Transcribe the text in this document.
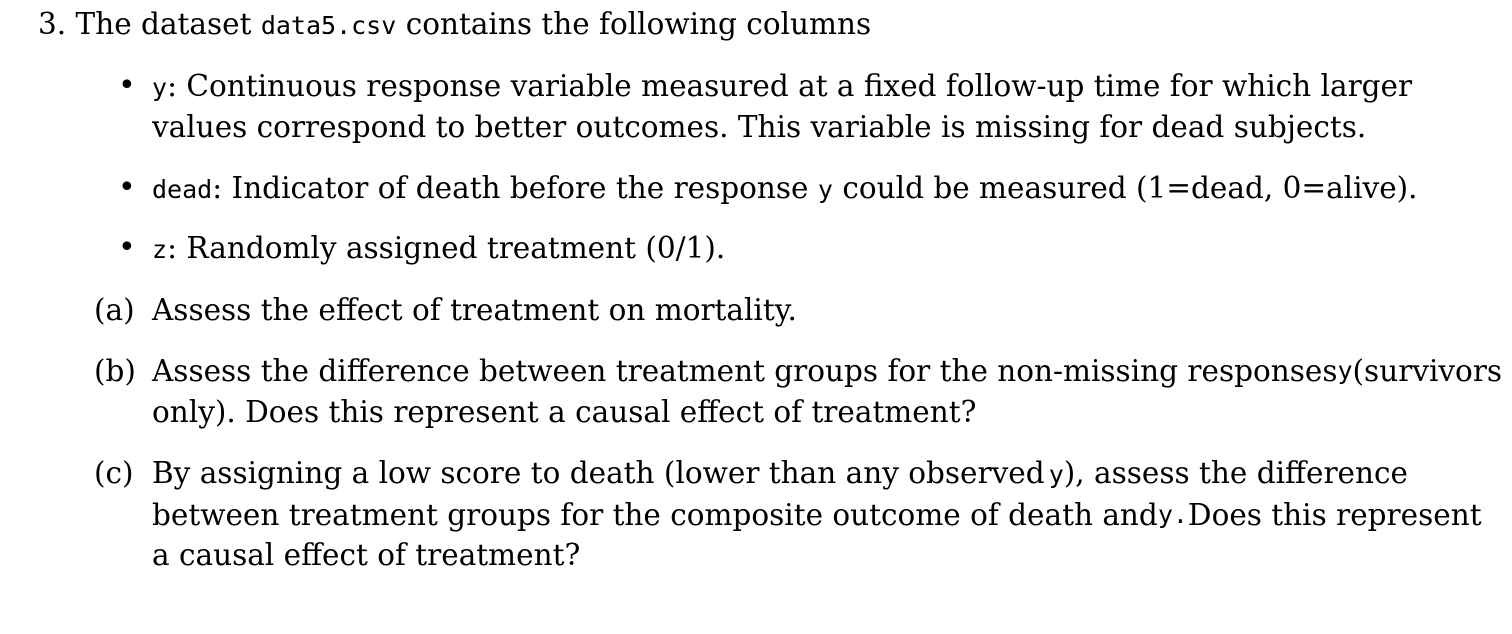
3. The dataset data5.csv contains the following columns
• y: Continuous response variable measured at a fixed follow-up time for which larger
values correspond to better outcomes. This variable is missing for dead subjects.
• dead: Indicator of death before the response y could be measured (1=dead, 0=alive).
• z: Randomly assigned treatment (0/1).
(a) Assess the effect of treatment on mortality.
(b) Assess the difference between treatment groups for the non-missing responses y (survivors
only). Does this represent a causal effect of treatment?
(c) By assigning a low score to death (lower than any observed y), assess the difference
between treatment groups for the composite outcome of death and y. Does this represent
a causal effect of treatment?
